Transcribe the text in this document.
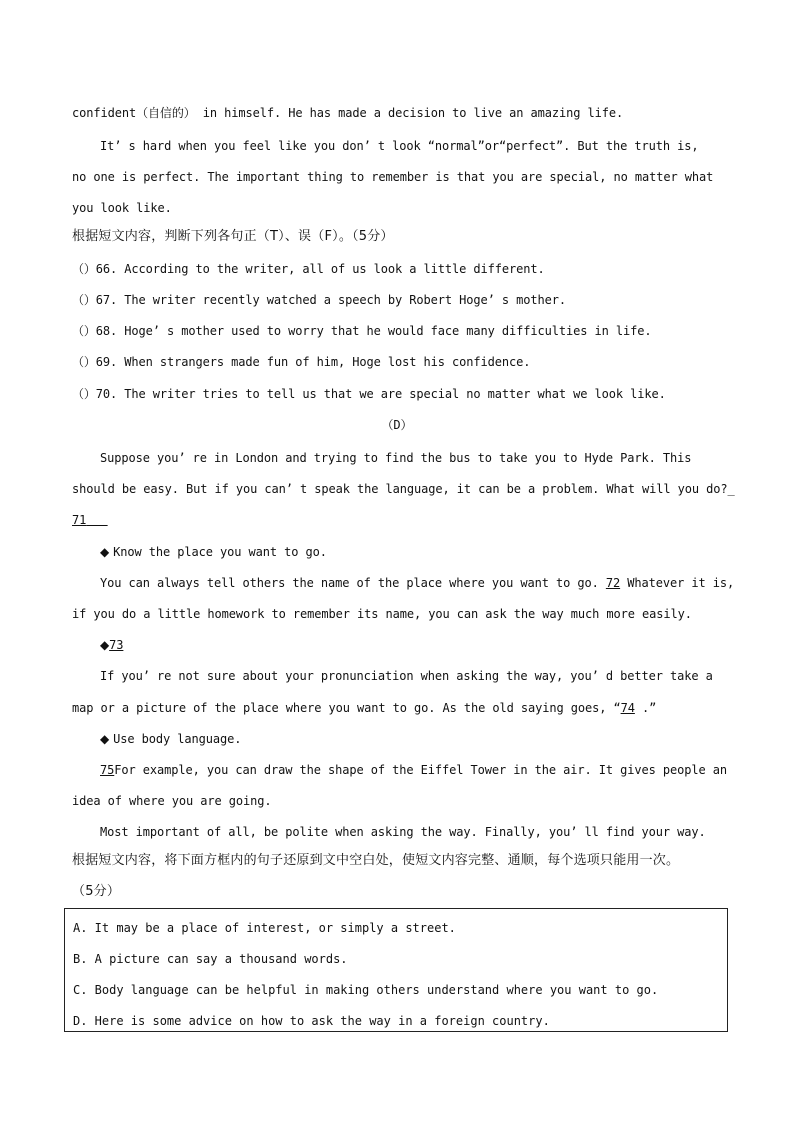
confident（自信的） in himself. He has made a decision to live an amazing life.
It’ s hard when you feel like you don’ t look “normal”or“perfect”. But the truth is,
no one is perfect. The important thing to remember is that you are special, no matter what
you look like.
根据短文内容，判断下列各句正（T）、误（F）。（5分）
（）66. According to the writer, all of us look a little different.
（）67. The writer recently watched a speech by Robert Hoge’ s mother.
（）68. Hoge’ s mother used to worry that he would face many difficulties in life.
（）69. When strangers made fun of him, Hoge lost his confidence.
（）70. The writer tries to tell us that we are special no matter what we look like.
（D）
Suppose you’ re in London and trying to find the bus to take you to Hyde Park. This
should be easy. But if you can’ t speak the language, it can be a problem. What will you do?_
71
◆ Know the place you want to go.
You can always tell others the name of the place where you want to go. 72 Whatever it is,
if you do a little homework to remember its name, you can ask the way much more easily.
◆73
If you’ re not sure about your pronunciation when asking the way, you’ d better take a
map or a picture of the place where you want to go. As the old saying goes, “74 .”
◆ Use body language.
75For example, you can draw the shape of the Eiffel Tower in the air. It gives people an
idea of where you are going.
Most important of all, be polite when asking the way. Finally, you’ ll find your way.
根据短文内容，将下面方框内的句子还原到文中空白处，使短文内容完整、通顺，每个选项只能用一次。
（5分）
A. It may be a place of interest, or simply a street.
B. A picture can say a thousand words.
C. Body language can be helpful in making others understand where you want to go.
D. Here is some advice on how to ask the way in a foreign country.
